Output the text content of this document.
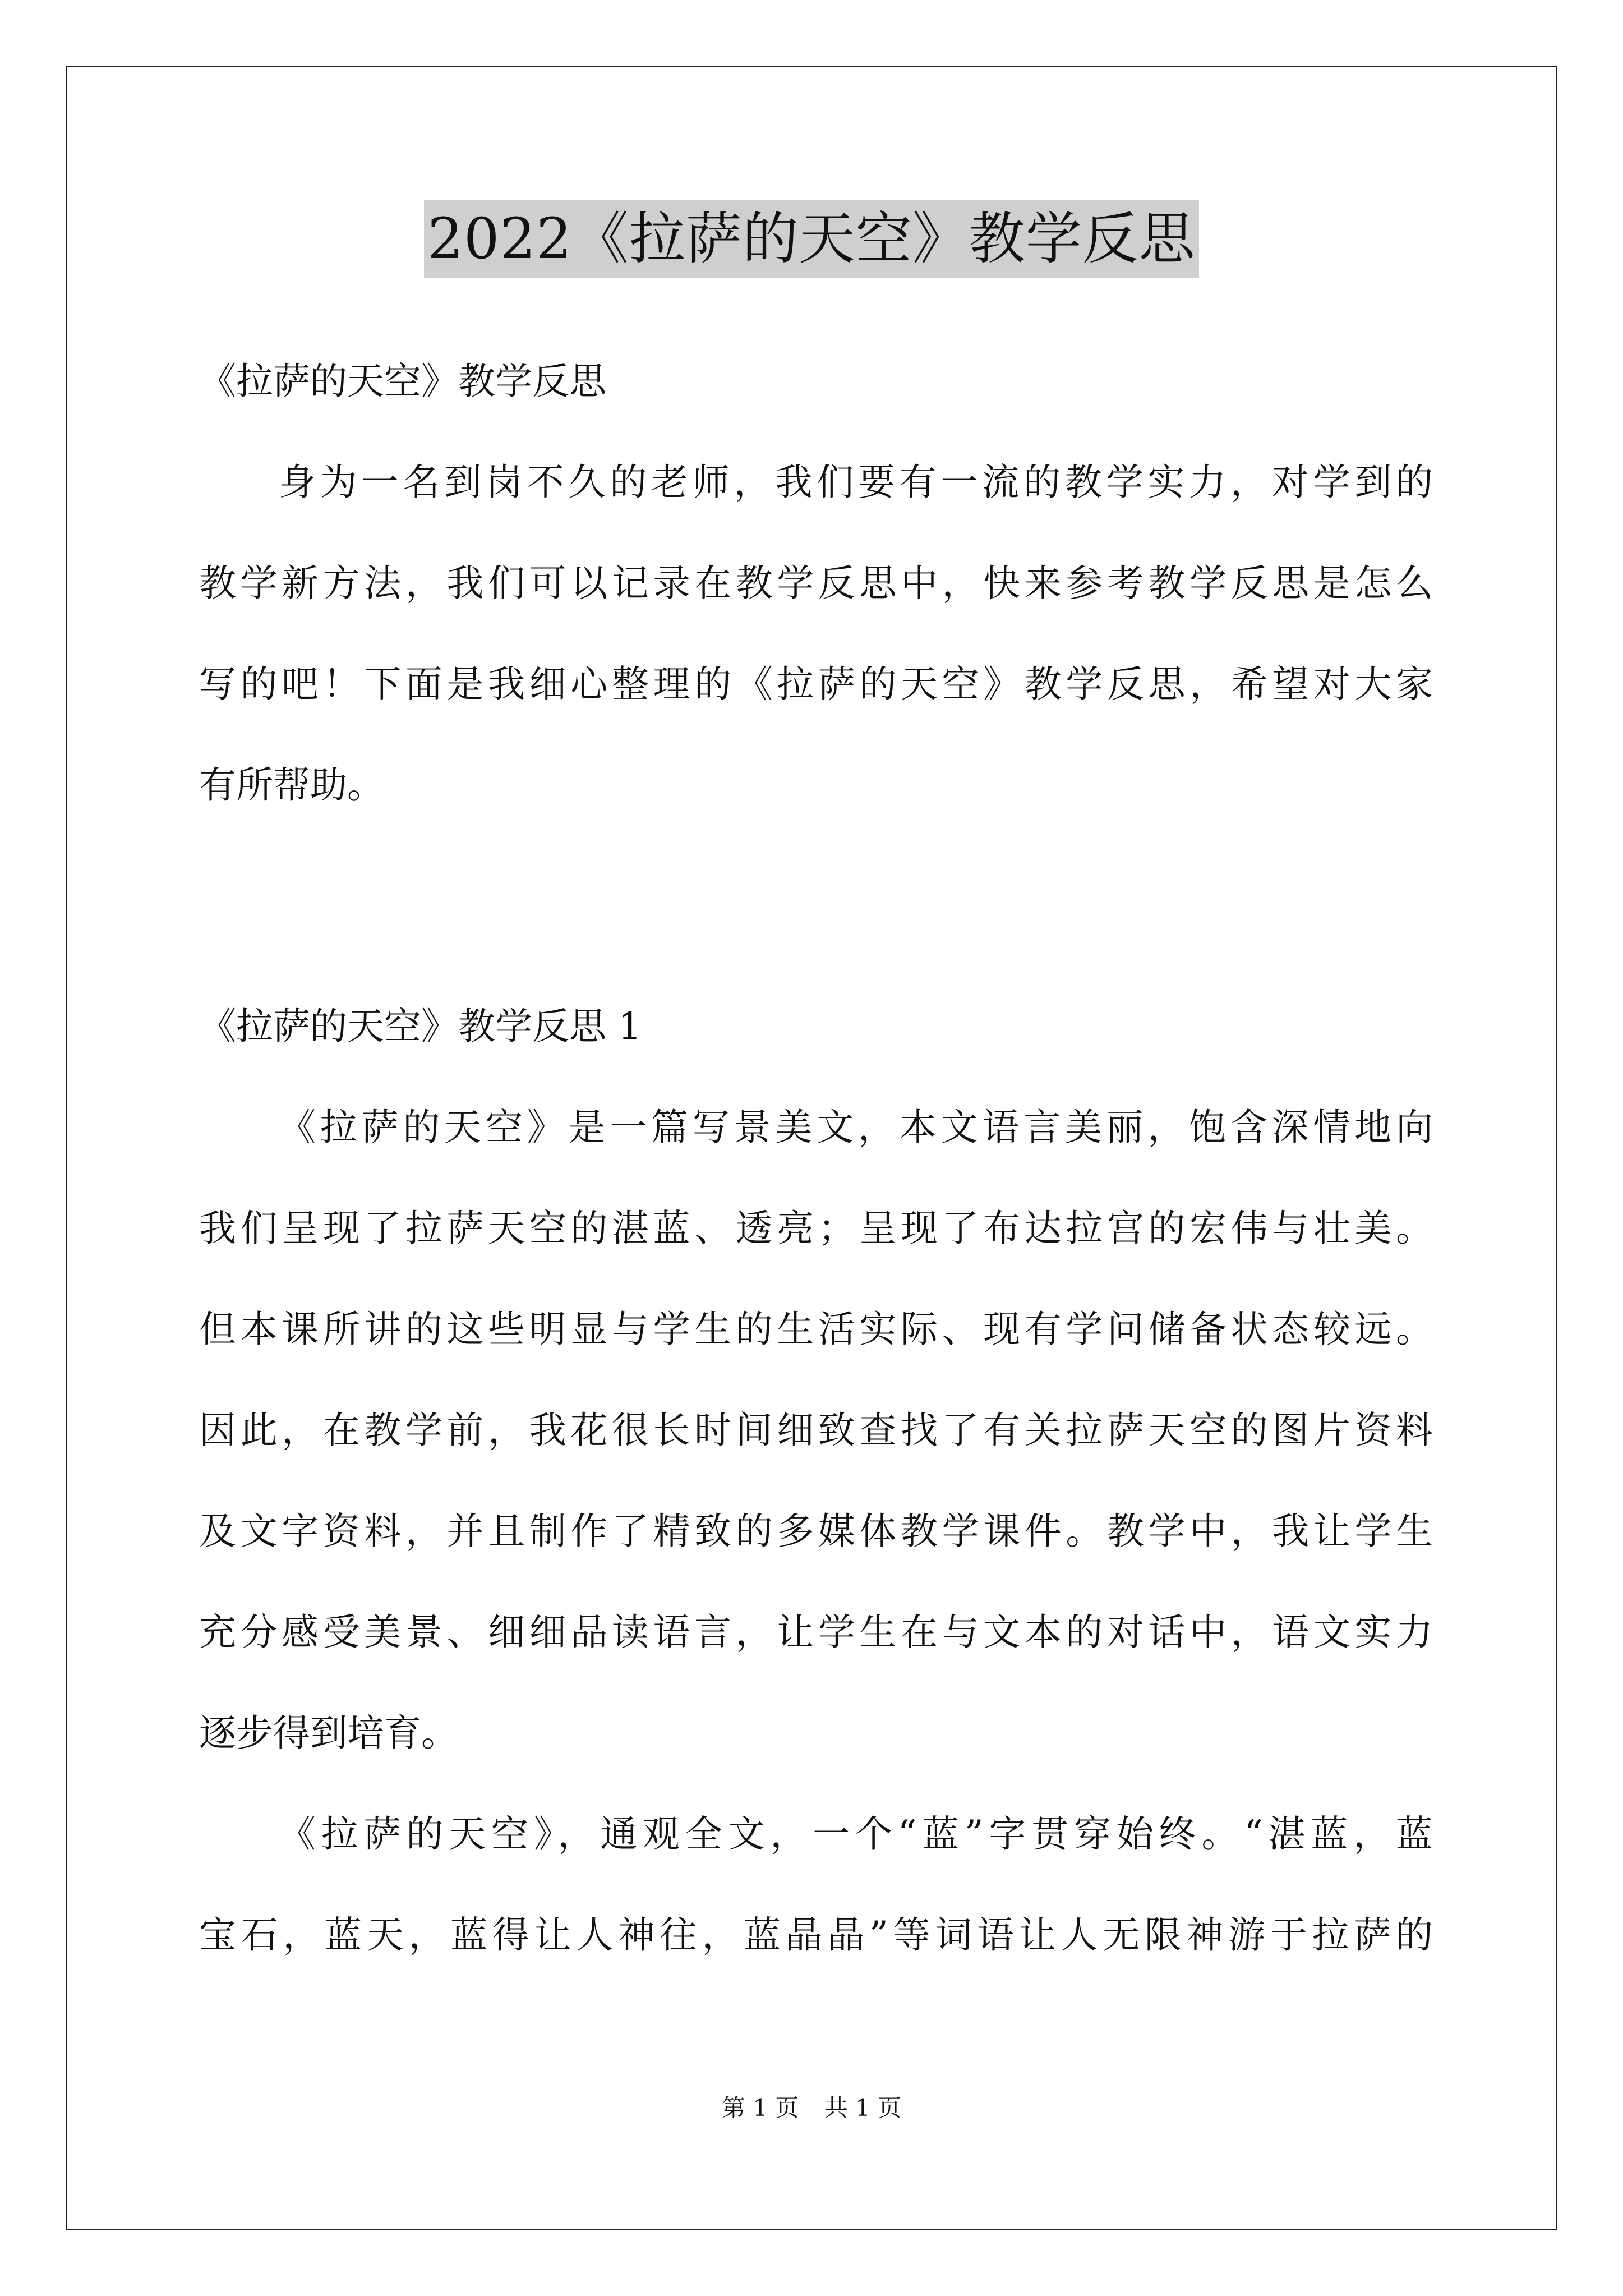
2022《拉萨的天空》教学反思
《拉萨的天空》教学反思
身为一名到岗不久的老师，我们要有一流的教学实力，对学到的
教学新方法，我们可以记录在教学反思中，快来参考教学反思是怎么
写的吧！下面是我细心整理的《拉萨的天空》教学反思，希望对大家
有所帮助。
《拉萨的天空》教学反思 1
《拉萨的天空》是一篇写景美文，本文语言美丽，饱含深情地向
我们呈现了拉萨天空的湛蓝、透亮；呈现了布达拉宫的宏伟与壮美。
但本课所讲的这些明显与学生的生活实际、现有学问储备状态较远。
因此，在教学前，我花很长时间细致查找了有关拉萨天空的图片资料
及文字资料，并且制作了精致的多媒体教学课件。教学中，我让学生
充分感受美景、细细品读语言，让学生在与文本的对话中，语文实力
逐步得到培育。
《拉萨的天空》，通观全文，一个“蓝”字贯穿始终。“湛蓝，蓝
宝石，蓝天，蓝得让人神往，蓝晶晶”等词语让人无限神游于拉萨的
第 1 页 共 1 页
